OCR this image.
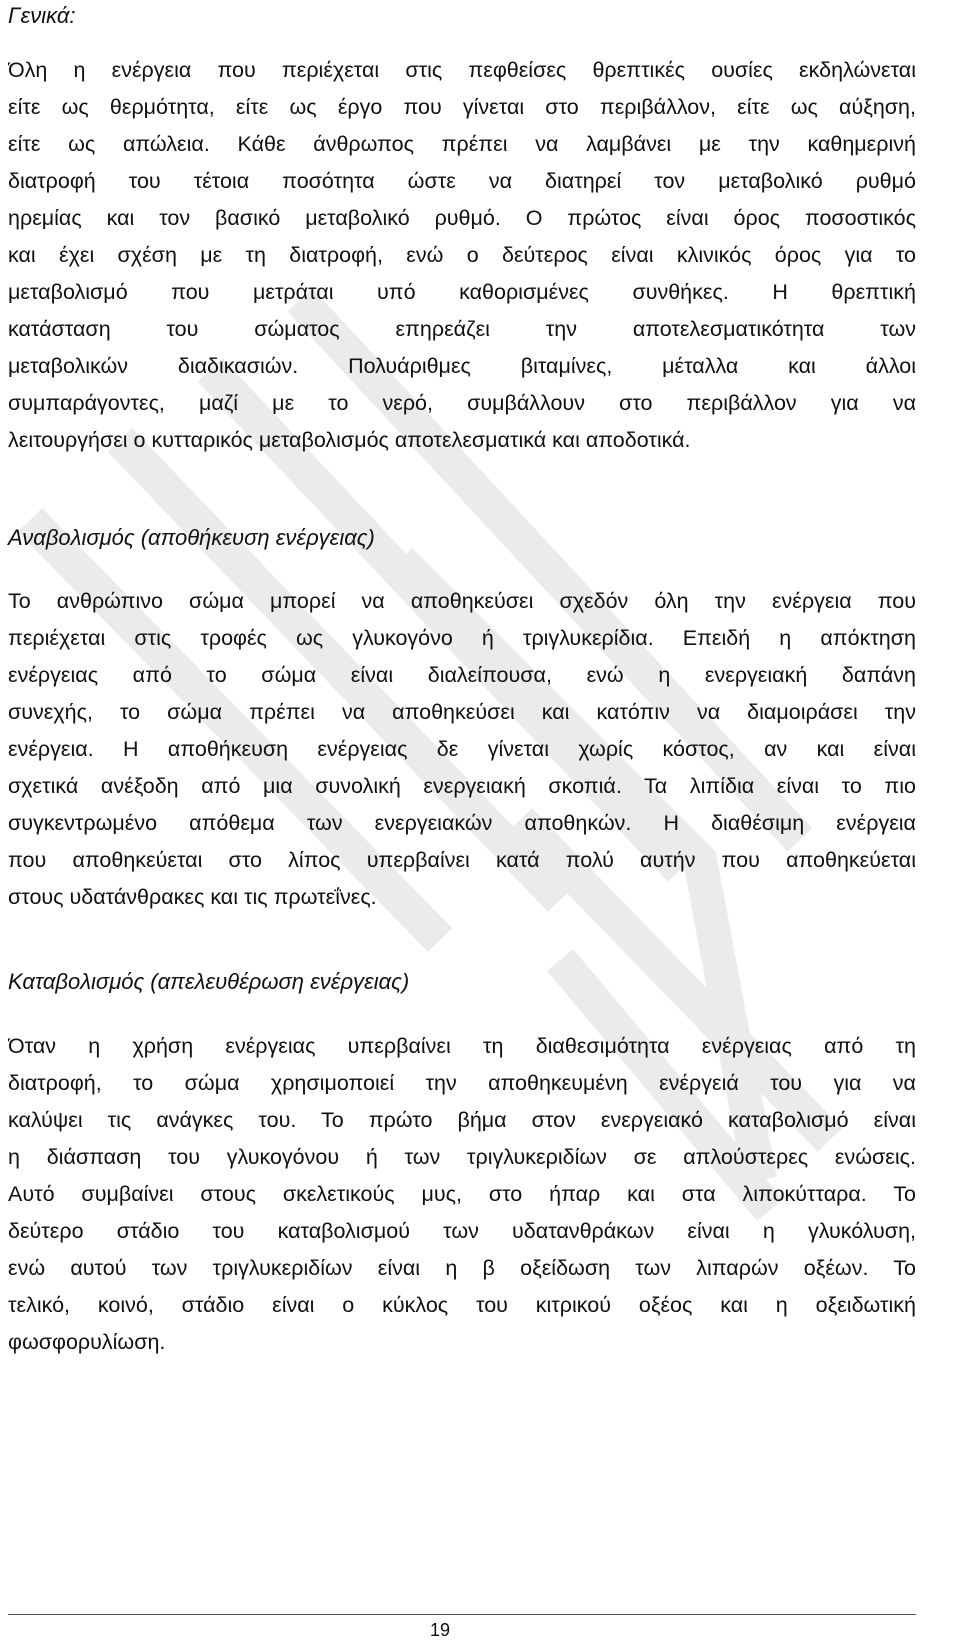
Γενικά:
Όλη η ενέργεια που περιέχεται στις πεφθείσες θρεπτικές ουσίες εκδηλώνεται
είτε ως θερμότητα, είτε ως έργο που γίνεται στο περιβάλλον, είτε ως αύξηση,
είτε ως απώλεια. Κάθε άνθρωπος πρέπει να λαμβάνει με την καθημερινή
διατροφή του τέτοια ποσότητα ώστε να διατηρεί τον μεταβολικό ρυθμό
ηρεμίας και τον βασικό μεταβολικό ρυθμό. Ο πρώτος είναι όρος ποσοστικός
και έχει σχέση με τη διατροφή, ενώ ο δεύτερος είναι κλινικός όρος για το
μεταβολισμό που μετράται υπό καθορισμένες συνθήκες. Η θρεπτική
κατάσταση του σώματος επηρεάζει την αποτελεσματικότητα των
μεταβολικών διαδικασιών. Πολυάριθμες βιταμίνες, μέταλλα και άλλοι
συμπαράγοντες, μαζί με το νερό, συμβάλλουν στο περιβάλλον για να
λειτουργήσει ο κυτταρικός μεταβολισμός αποτελεσματικά και αποδοτικά.
Αναβολισμός (αποθήκευση ενέργειας)
Το ανθρώπινο σώμα μπορεί να αποθηκεύσει σχεδόν όλη την ενέργεια που
περιέχεται στις τροφές ως γλυκογόνο ή τριγλυκερίδια. Επειδή η απόκτηση
ενέργειας από το σώμα είναι διαλείπουσα, ενώ η ενεργειακή δαπάνη
συνεχής, το σώμα πρέπει να αποθηκεύσει και κατόπιν να διαμοιράσει την
ενέργεια. Η αποθήκευση ενέργειας δε γίνεται χωρίς κόστος, αν και είναι
σχετικά ανέξοδη από μια συνολική ενεργειακή σκοπιά. Τα λιπίδια είναι το πιο
συγκεντρωμένο απόθεμα των ενεργειακών αποθηκών. Η διαθέσιμη ενέργεια
που αποθηκεύεται στο λίπος υπερβαίνει κατά πολύ αυτήν που αποθηκεύεται
στους υδατάνθρακες και τις πρωτεΐνες.
Καταβολισμός (απελευθέρωση ενέργειας)
Όταν η χρήση ενέργειας υπερβαίνει τη διαθεσιμότητα ενέργειας από τη
διατροφή, το σώμα χρησιμοποιεί την αποθηκευμένη ενέργειά του για να
καλύψει τις ανάγκες του. Το πρώτο βήμα στον ενεργειακό καταβολισμό είναι
η διάσπαση του γλυκογόνου ή των τριγλυκεριδίων σε απλούστερες ενώσεις.
Αυτό συμβαίνει στους σκελετικούς μυς, στο ήπαρ και στα λιποκύτταρα. Το
δεύτερο στάδιο του καταβολισμού των υδατανθράκων είναι η γλυκόλυση,
ενώ αυτού των τριγλυκεριδίων είναι η β οξείδωση των λιπαρών οξέων. Το
τελικό, κοινό, στάδιο είναι ο κύκλος του κιτρικού οξέος και η οξειδωτική
φωσφορυλίωση.
19
